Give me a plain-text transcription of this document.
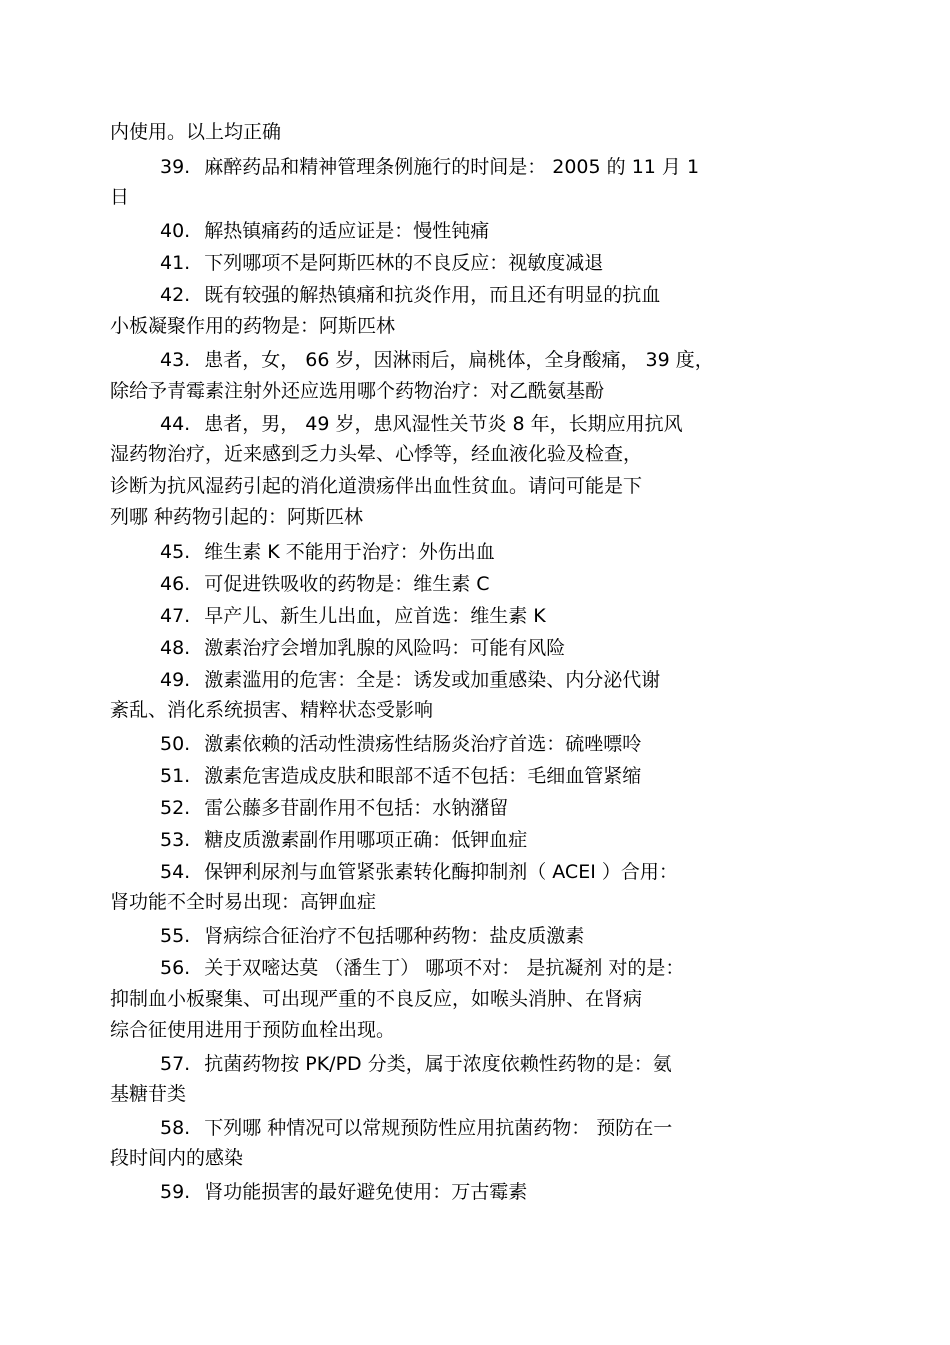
内使用。以上均正确
39. 麻醉药品和精神管理条例施行的时间是： 2005 的 11 月 1
日
40. 解热镇痛药的适应证是：慢性钝痛
41. 下列哪项不是阿斯匹林的不良反应：视敏度减退
42. 既有较强的解热镇痛和抗炎作用，而且还有明显的抗血
小板凝聚作用的药物是：阿斯匹林
43. 患者，女， 66 岁，因淋雨后，扁桃体，全身酸痛， 39 度，
除给予青霉素注射外还应选用哪个药物治疗：对乙酰氨基酚
44. 患者，男， 49 岁，患风湿性关节炎 8 年，长期应用抗风
湿药物治疗，近来感到乏力头晕、心悸等，经血液化验及检查，
诊断为抗风湿药引起的消化道溃疡伴出血性贫血。请问可能是下
列哪 种药物引起的：阿斯匹林
45. 维生素 K 不能用于治疗：外伤出血
46. 可促进铁吸收的药物是：维生素 C
47. 早产儿、新生儿出血，应首选：维生素 K
48. 激素治疗会增加乳腺的风险吗：可能有风险
49. 激素滥用的危害：全是：诱发或加重感染、内分泌代谢
紊乱、消化系统损害、精粹状态受影响
50. 激素依赖的活动性溃疡性结肠炎治疗首选：硫唑嘌呤
51. 激素危害造成皮肤和眼部不适不包括：毛细血管紧缩
52. 雷公藤多苷副作用不包括：水钠潴留
53. 糖皮质激素副作用哪项正确：低钾血症
54. 保钾利尿剂与血管紧张素转化酶抑制剂（ ACEI ）合用：
肾功能不全时易出现：高钾血症
55. 肾病综合征治疗不包括哪种药物：盐皮质激素
56. 关于双嘧达莫 （潘生丁） 哪项不对： 是抗凝剂 对的是：
抑制血小板聚集、可出现严重的不良反应，如喉头消肿、在肾病
综合征使用进用于预防血栓出现。
57. 抗菌药物按 PK/PD 分类，属于浓度依赖性药物的是：氨
基糖苷类
58. 下列哪 种情况可以常规预防性应用抗菌药物： 预防在一
段时间内的感染
59. 肾功能损害的最好避免使用：万古霉素
